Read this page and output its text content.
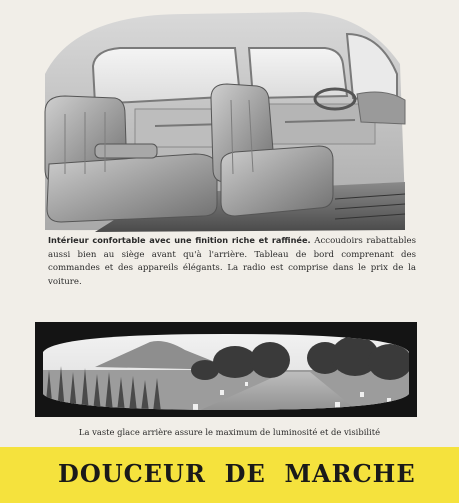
Intérieur confortable avec une finition riche et raffinée. Accoudoirs rabattables aussi bien au siège avant qu'à l'arrière. Tableau de bord comprenant des commandes et des appareils élégants. La radio est comprise dans le prix de la voiture.

La vaste glace arrière assure le maximum de luminosité et de visibilité

DOUCEUR  DE  MARCHE
